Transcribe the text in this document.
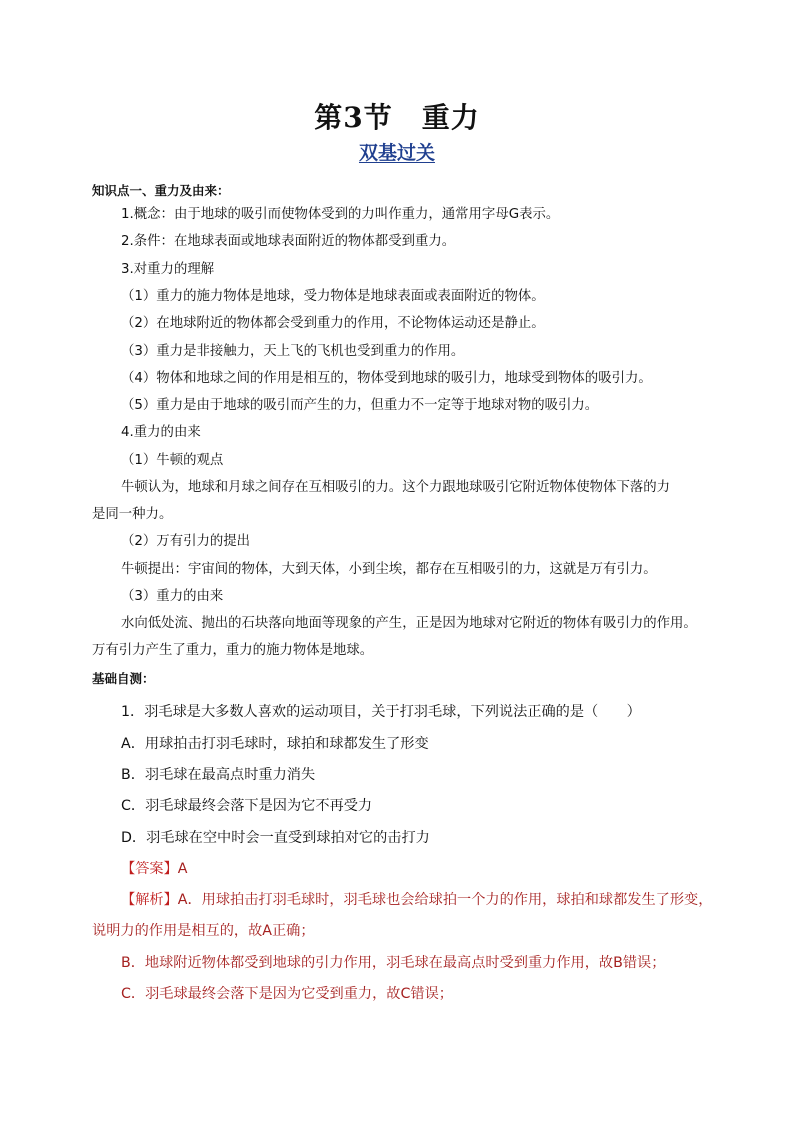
第3节　重力
双基过关
知识点一、重力及由来：
1.概念：由于地球的吸引而使物体受到的力叫作重力，通常用字母G表示。
2.条件：在地球表面或地球表面附近的物体都受到重力。
3.对重力的理解
（1）重力的施力物体是地球，受力物体是地球表面或表面附近的物体。
（2）在地球附近的物体都会受到重力的作用，不论物体运动还是静止。
（3）重力是非接触力，天上飞的飞机也受到重力的作用。
（4）物体和地球之间的作用是相互的，物体受到地球的吸引力，地球受到物体的吸引力。
（5）重力是由于地球的吸引而产生的力，但重力不一定等于地球对物的吸引力。
4.重力的由来
（1）牛顿的观点
牛顿认为，地球和月球之间存在互相吸引的力。这个力跟地球吸引它附近物体使物体下落的力
是同一种力。
（2）万有引力的提出
牛顿提出：宇宙间的物体，大到天体，小到尘埃，都存在互相吸引的力，这就是万有引力。
（3）重力的由来
水向低处流、抛出的石块落向地面等现象的产生，正是因为地球对它附近的物体有吸引力的作用。
万有引力产生了重力，重力的施力物体是地球。
基础自测：
1．羽毛球是大多数人喜欢的运动项目，关于打羽毛球，下列说法正确的是（　　）
A．用球拍击打羽毛球时，球拍和球都发生了形变
B．羽毛球在最高点时重力消失
C．羽毛球最终会落下是因为它不再受力
D．羽毛球在空中时会一直受到球拍对它的击打力
【答案】A
【解析】A．用球拍击打羽毛球时，羽毛球也会给球拍一个力的作用，球拍和球都发生了形变，
说明力的作用是相互的，故A正确；
B．地球附近物体都受到地球的引力作用，羽毛球在最高点时受到重力作用，故B错误；
C．羽毛球最终会落下是因为它受到重力，故C错误；
